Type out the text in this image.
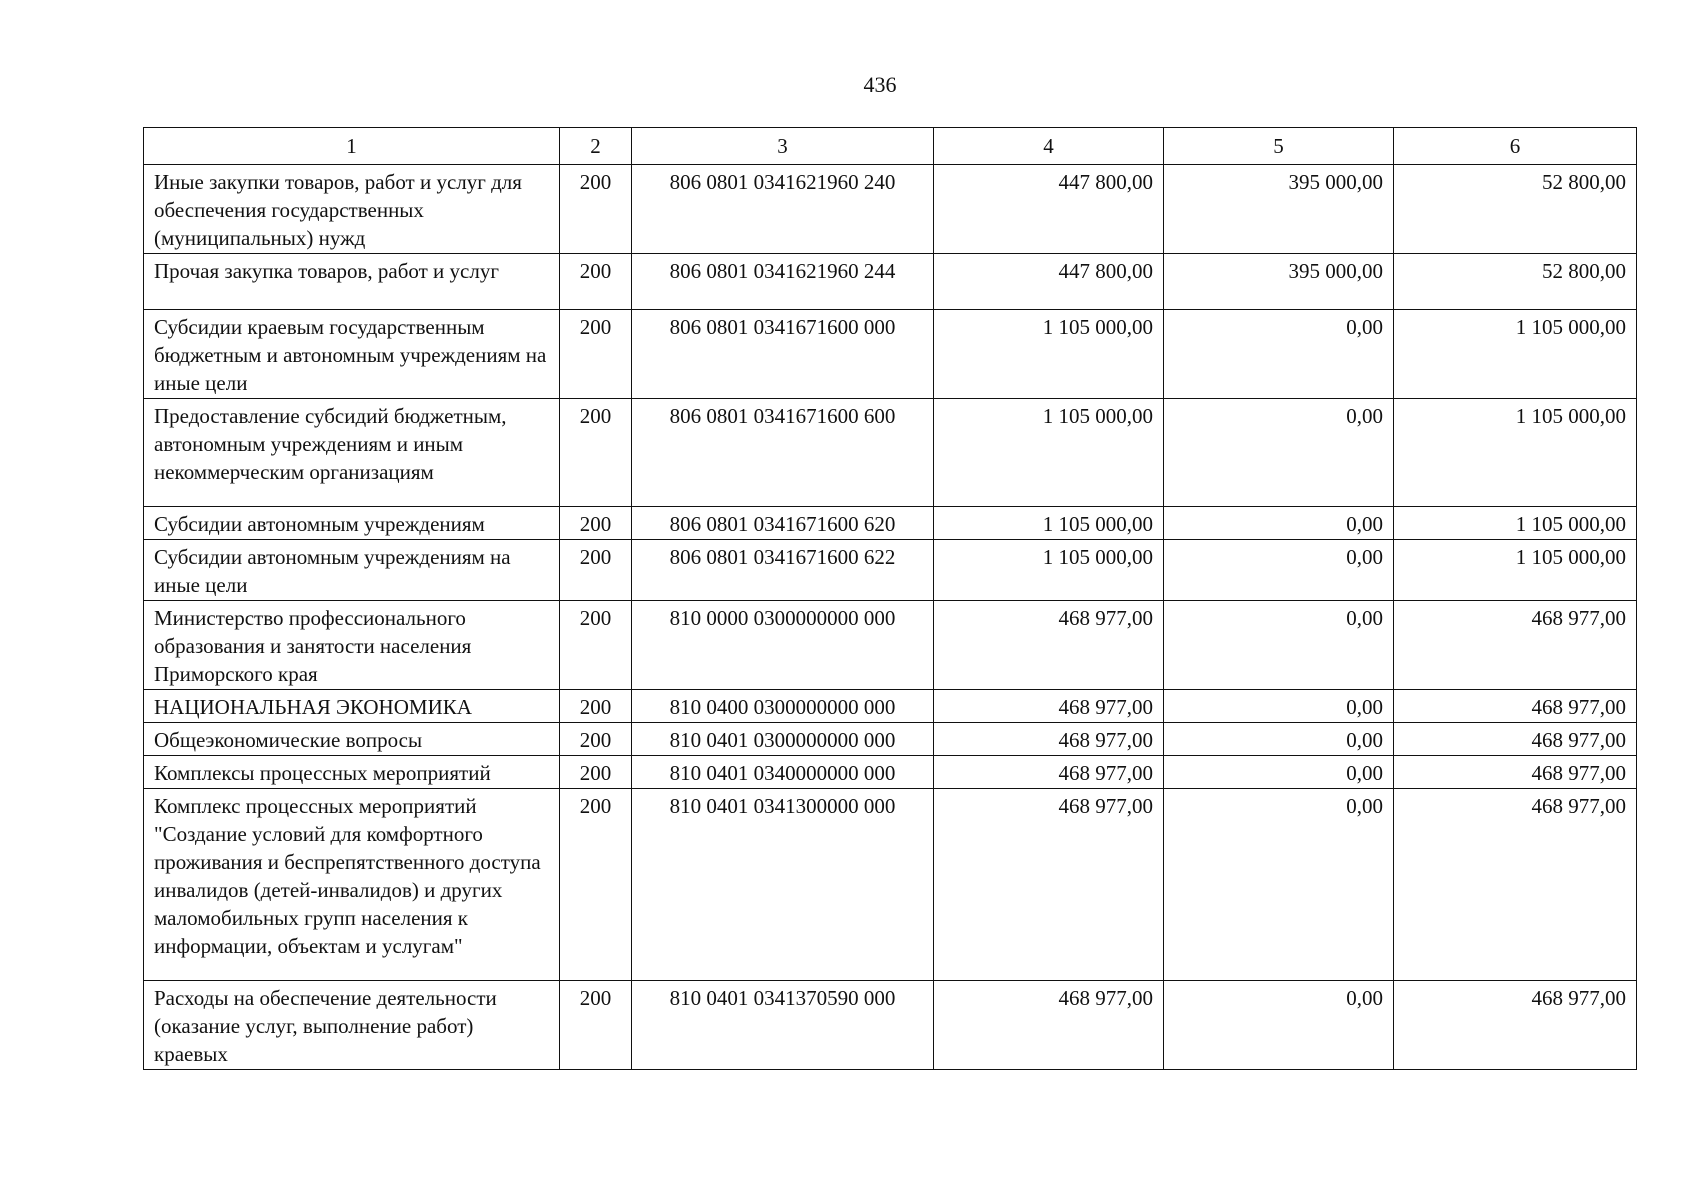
436
1	2	3	4	5	6
Иные закупки товаров, работ и услуг для обеспечения государственных (муниципальных) нужд	200	806 0801 0341621960 240	447 800,00	395 000,00	52 800,00
Прочая закупка товаров, работ и услуг	200	806 0801 0341621960 244	447 800,00	395 000,00	52 800,00
Субсидии краевым государственным бюджетным и автономным учреждениям на иные цели	200	806 0801 0341671600 000	1 105 000,00	0,00	1 105 000,00
Предоставление субсидий бюджетным, автономным учреждениям и иным некоммерческим организациям	200	806 0801 0341671600 600	1 105 000,00	0,00	1 105 000,00
Субсидии автономным учреждениям	200	806 0801 0341671600 620	1 105 000,00	0,00	1 105 000,00
Субсидии автономным учреждениям на иные цели	200	806 0801 0341671600 622	1 105 000,00	0,00	1 105 000,00
Министерство профессионального образования и занятости населения Приморского края	200	810 0000 0300000000 000	468 977,00	0,00	468 977,00
НАЦИОНАЛЬНАЯ ЭКОНОМИКА	200	810 0400 0300000000 000	468 977,00	0,00	468 977,00
Общеэкономические вопросы	200	810 0401 0300000000 000	468 977,00	0,00	468 977,00
Комплексы процессных мероприятий	200	810 0401 0340000000 000	468 977,00	0,00	468 977,00
Комплекс процессных мероприятий "Создание условий для комфортного проживания и беспрепятственного доступа инвалидов (детей-инвалидов) и других маломобильных групп населения к информации, объектам и услугам"	200	810 0401 0341300000 000	468 977,00	0,00	468 977,00
Расходы на обеспечение деятельности (оказание услуг, выполнение работ) краевых	200	810 0401 0341370590 000	468 977,00	0,00	468 977,00
